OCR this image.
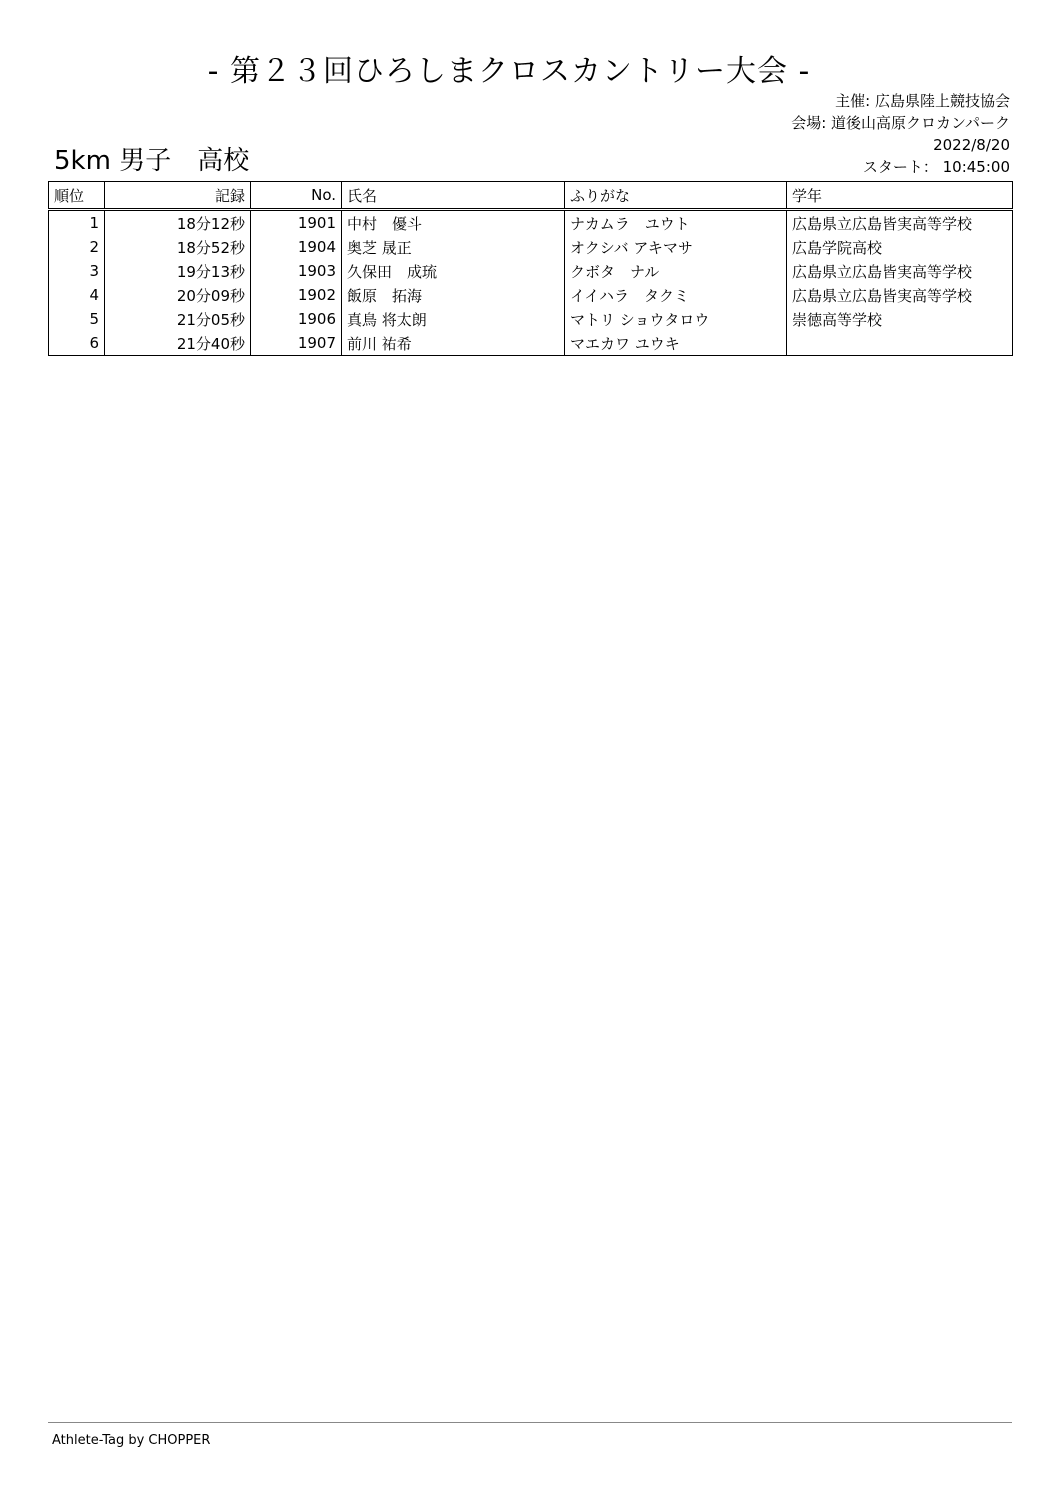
- 第２３回ひろしまクロスカントリー大会 -
主催: 広島県陸上競技協会
会場: 道後山高原クロカンパーク
2022/8/20
スタート： 10:45:00
5km 男子　高校
順位	記録	No.	氏名	ふりがな	学年
1	18分12秒	1901	中村　優斗	ナカムラ　ユウト	広島県立広島皆実高等学校
2	18分52秒	1904	奥芝 晟正	オクシバ アキマサ	広島学院高校
3	19分13秒	1903	久保田　成琉	クボタ　ナル	広島県立広島皆実高等学校
4	20分09秒	1902	飯原　拓海	イイハラ　タクミ	広島県立広島皆実高等学校
5	21分05秒	1906	真鳥 将太朗	マトリ ショウタロウ	崇徳高等学校
6	21分40秒	1907	前川 祐希	マエカワ ユウキ	
Athlete-Tag by CHOPPER
